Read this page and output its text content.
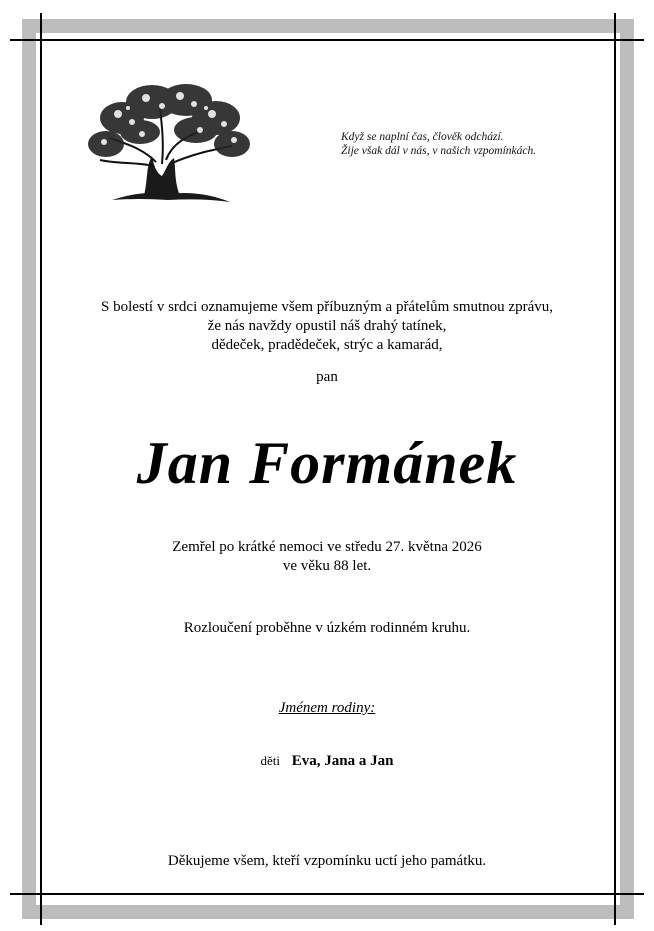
Když se naplní čas, člověk odchází.
Žije však dál v nás, v našich vzpomínkách.
S bolestí v srdci oznamujeme všem příbuzným a přátelům smutnou zprávu,
že nás navždy opustil náš drahý tatínek,
dědeček, pradědeček, strýc a kamarád,
pan
Jan Formánek
Zemřel po krátké nemoci ve středu 27. května 2026
ve věku 88 let.
Rozloučení proběhne v úzkém rodinném kruhu.
Jménem rodiny:
děti Eva, Jana a Jan
Děkujeme všem, kteří vzpomínku uctí jeho památku.
